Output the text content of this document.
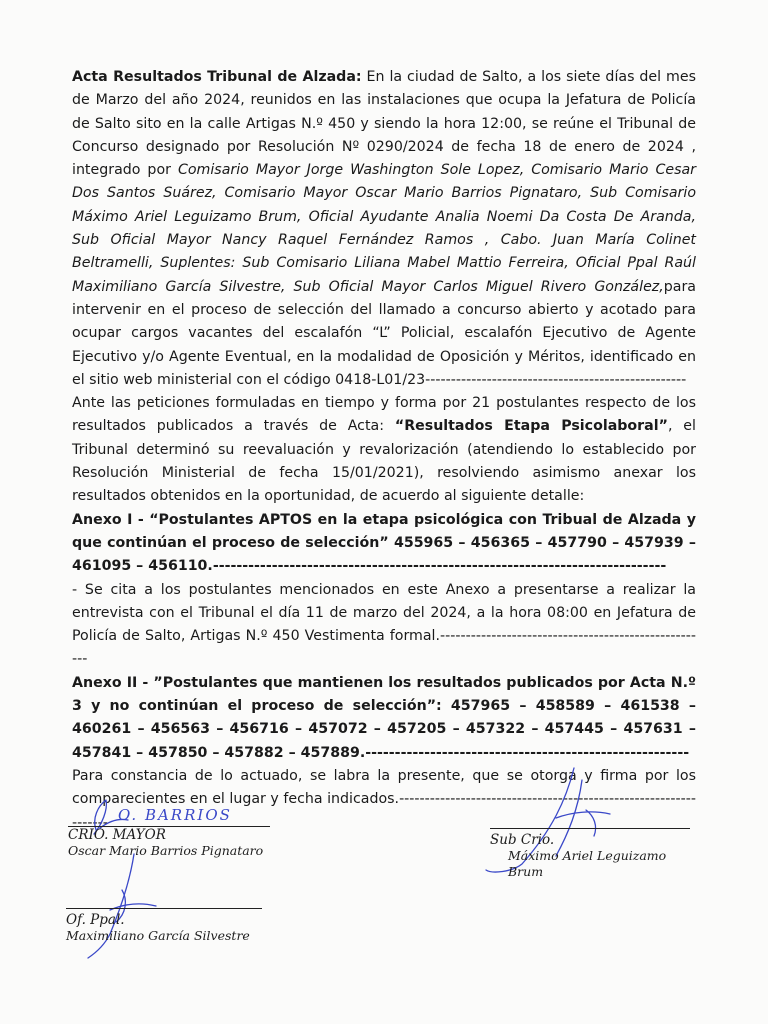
Acta Resultados Tribunal de Alzada: En la ciudad de Salto, a los siete días del mes de Marzo del año 2024, reunidos en las instalaciones que ocupa la Jefatura de Policía de Salto sito en la calle Artigas N.º 450 y siendo la hora 12:00, se reúne el Tribunal de Concurso designado por Resolución Nº 0290/2024 de fecha 18 de enero de 2024 , integrado por Comisario Mayor Jorge Washington Sole Lopez, Comisario Mario Cesar Dos Santos Suárez, Comisario Mayor Oscar Mario Barrios Pignataro, Sub Comisario Máximo Ariel Leguizamo Brum, Oficial Ayudante Analia Noemi Da Costa De Aranda, Sub Oficial Mayor Nancy Raquel Fernández Ramos , Cabo. Juan María Colinet Beltramelli, Suplentes: Sub Comisario Liliana Mabel Mattio Ferreira, Oficial Ppal Raúl Maximiliano García Silvestre, Sub Oficial Mayor Carlos Miguel Rivero González,para intervenir en el proceso de selección del llamado a concurso abierto y acotado para ocupar cargos vacantes del escalafón “L” Policial, escalafón Ejecutivo de Agente Ejecutivo y/o Agente Eventual, en la modalidad de Oposición y Méritos, identificado en el sitio web ministerial con el código 0418-L01/23---------------------------------------------------

Ante las peticiones formuladas en tiempo y forma por 21 postulantes respecto de los resultados publicados a través de Acta: “Resultados Etapa Psicolaboral”, el Tribunal determinó su reevaluación y revalorización (atendiendo lo establecido por Resolución Ministerial de fecha 15/01/2021), resolviendo asimismo anexar los resultados obtenidos en la oportunidad, de acuerdo al siguiente detalle:

Anexo I - “Postulantes APTOS en la etapa psicológica con Tribual de Alzada y que continúan el proceso de selección” 455965 – 456365 – 457790 – 457939 – 461095 – 456110.-----------------------------------------------------------------------------

- Se cita a los postulantes mencionados en este Anexo a presentarse a realizar la entrevista con el Tribunal el día 11 de marzo del 2024, a la hora 08:00 en Jefatura de Policía de Salto, Artigas N.º 450 Vestimenta formal.-----------------------------------------------------

Anexo II - ”Postulantes que mantienen los resultados publicados por Acta N.º 3 y no continúan el proceso de selección”: 457965 – 458589 – 461538 – 460261 – 456563 – 456716 – 457072 – 457205 – 457322 – 457445 – 457631 – 457841 – 457850 – 457882 – 457889.-------------------------------------------------------

Para constancia de lo actuado, se labra la presente, que se otorga y firma por los comparecientes en el lugar y fecha indicados.----------------------------------------------------------------- O. BARRIOS
CRIO. MAYOR
Oscar Mario Barrios Pignataro
Sub Crio.
Máximo Ariel Leguizamo Brum
Of. Ppal.
Maximiliano García Silvestre
